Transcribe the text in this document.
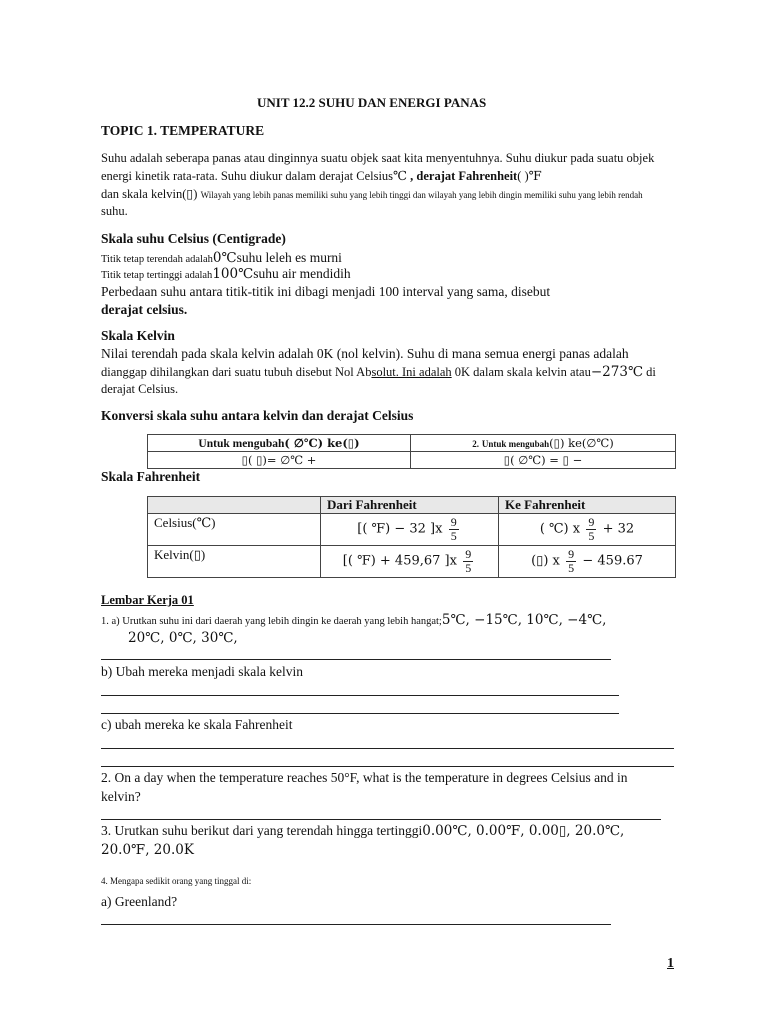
UNIT 12.2 SUHU DAN ENERGI PANAS
TOPIC 1. TEMPERATURE
Suhu adalah seberapa panas atau dinginnya suatu objek saat kita menyentuhnya. Suhu diukur pada suatu objek
energi kinetik rata-rata. Suhu diukur dalam derajat Celsius℃ , derajat Fahrenheit( )℉
dan skala kelvin(▯) Wilayah yang lebih panas memiliki suhu yang lebih tinggi dan wilayah yang lebih dingin memiliki suhu yang lebih rendah
suhu.
Skala suhu Celsius (Centigrade)
Titik tetap terendah adalah0℃suhu leleh es murni
Titik tetap tertinggi adalah100℃suhu air mendidih
Perbedaan suhu antara titik-titik ini dibagi menjadi 100 interval yang sama, disebut
derajat celsius.
Skala Kelvin
Nilai terendah pada skala kelvin adalah 0K (nol kelvin). Suhu di mana semua energi panas adalah
dianggap dihilangkan dari suatu tubuh disebut Nol Absolut. Ini adalah 0K dalam skala kelvin atau−273℃ di
derajat Celsius.
Konversi skala suhu antara kelvin dan derajat Celsius
Untuk mengubah( ∅℃) ke(▯)	2. Untuk mengubah(▯) ke(∅℃)
▯( ▯)= ∅℃ +	▯( ∅℃) = ▯ −
Skala Fahrenheit
	Dari Fahrenheit	Ke Fahrenheit
Celsius(℃)	[( ℉) − 32 ]$x \frac{9}{5}$	( ℃) x $\frac{9}{5} + 32$
Kelvin(▯)	[( ℉) + 459,67 ]$x \frac{9}{5}$	(▯) x $\frac{9}{5} - 459.67$
Lembar Kerja 01
1. a) Urutkan suhu ini dari daerah yang lebih dingin ke daerah yang lebih hangat;5℃, −15℃, 10℃, −4℃,
20℃, 0℃, 30℃,
b) Ubah mereka menjadi skala kelvin
c) ubah mereka ke skala Fahrenheit
2. On a day when the temperature reaches 50°F, what is the temperature in degrees Celsius and in
kelvin?
3. Urutkan suhu berikut dari yang terendah hingga tertinggi0.00℃, 0.00℉, 0.00▯, 20.0℃,
20.0℉, 20.0K
4. Mengapa sedikit orang yang tinggal di:
a) Greenland?
1
